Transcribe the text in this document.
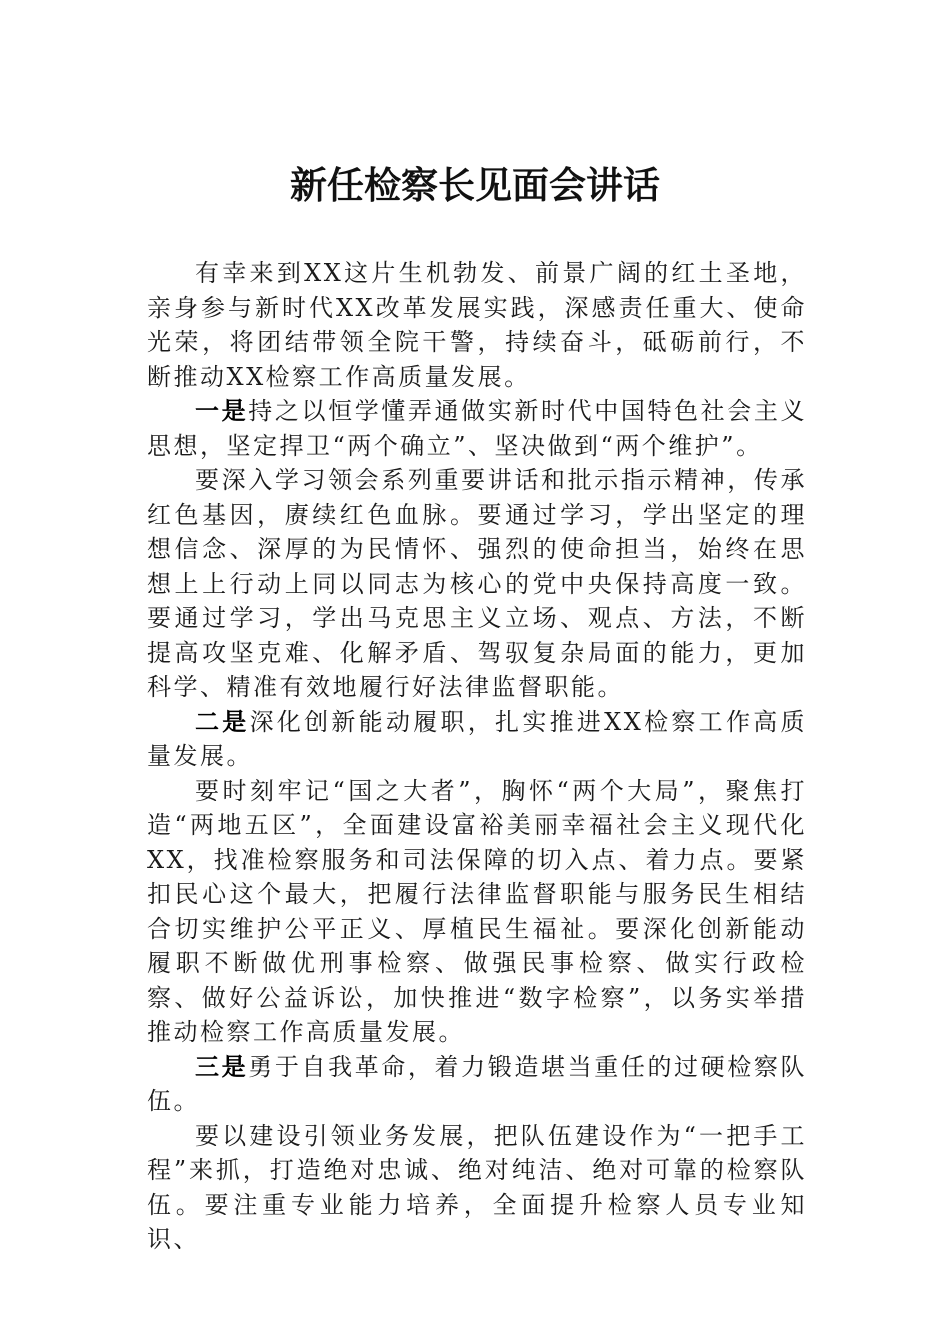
新任检察长见面会讲话

有幸来到XX这片生机勃发、前景广阔的红土圣地，亲身参与新时代XX改革发展实践，深感责任重大、使命光荣，将团结带领全院干警，持续奋斗，砥砺前行，不断推动XX检察工作高质量发展。

一是持之以恒学懂弄通做实新时代中国特色社会主义思想，坚定捍卫“两个确立”、坚决做到“两个维护”。

要深入学习领会系列重要讲话和批示指示精神，传承红色基因，赓续红色血脉。要通过学习，学出坚定的理想信念、深厚的为民情怀、强烈的使命担当，始终在思想上上行动上同以同志为核心的党中央保持高度一致。要通过学习，学出马克思主义立场、观点、方法，不断提高攻坚克难、化解矛盾、驾驭复杂局面的能力，更加科学、精准有效地履行好法律监督职能。

二是深化创新能动履职，扎实推进XX检察工作高质量发展。

要时刻牢记“国之大者”，胸怀“两个大局”，聚焦打造“两地五区”，全面建设富裕美丽幸福社会主义现代化XX，找准检察服务和司法保障的切入点、着力点。要紧扣民心这个最大，把履行法律监督职能与服务民生相结合切实维护公平正义、厚植民生福祉。要深化创新能动履职不断做优刑事检察、做强民事检察、做实行政检察、做好公益诉讼，加快推进“数字检察”，以务实举措推动检察工作高质量发展。

三是勇于自我革命，着力锻造堪当重任的过硬检察队伍。

要以建设引领业务发展，把队伍建设作为“一把手工程”来抓，打造绝对忠诚、绝对纯洁、绝对可靠的检察队伍。要注重专业能力培养，全面提升检察人员专业知识、
